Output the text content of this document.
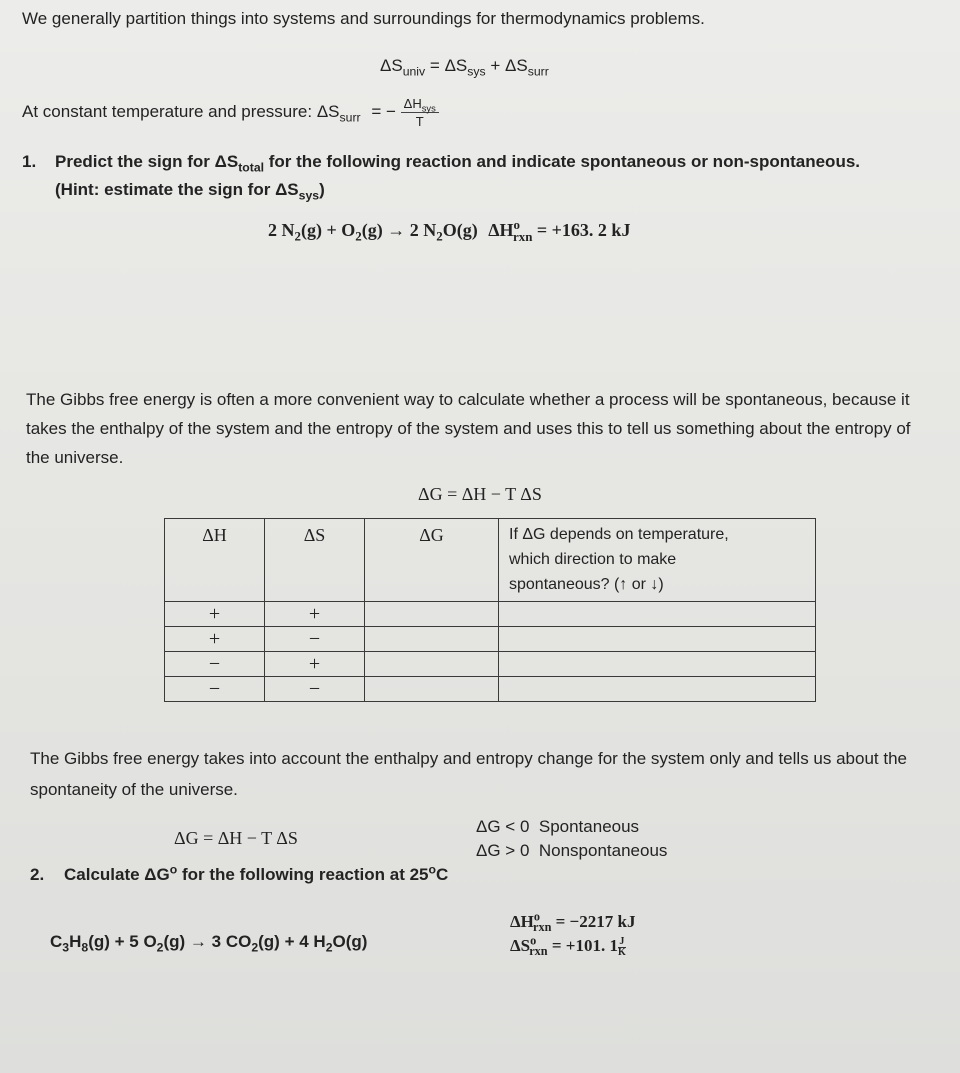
We generally partition things into systems and surroundings for thermodynamics problems.
$\Delta S_{univ} = \Delta S_{sys} + \Delta S_{surr}$
At constant temperature and pressure: $\Delta S_{surr}$ = − $\frac{\Delta H_{sys}}{T}$
1. Predict the sign for $\Delta S_{total}$ for the following reaction and indicate spontaneous or non-spontaneous.
(Hint: estimate the sign for $\Delta S_{sys}$)
2 $N_2(g) + O_2(g) \to 2$ $N_2O(g) \Delta H^o_{rxn} = +163$. 2 kJ
The Gibbs free energy is often a more convenient way to calculate whether a process will be spontaneous, because it takes the enthalpy of the system and the entropy of the system and uses this to tell us something about the entropy of the universe.
ΔG = ΔH − T ΔS
ΔH	ΔS	ΔG	If ΔG depends on temperature,
which direction to make
spontaneous? (↑ or ↓)

+	+		
+	−		
−	+		
−	−		
The Gibbs free energy takes into account the enthalpy and entropy change for the system only and tells us about the spontaneity of the universe.
ΔG = ΔH − T ΔS
ΔG < 0  Spontaneous
ΔG > 0  Nonspontaneous
2. Calculate $\Delta G^o$ for the following reaction at 25$^o$C
$C_3H_8(g) + 5$ $O_2(g) \to 3$ $CO_2(g) + 4$ $H_2O(g)$
$\Delta H^o_{rxn} = -2217$ kJ
$\Delta S^o_{rxn} = +101$. $1 \frac{J}{K}$
